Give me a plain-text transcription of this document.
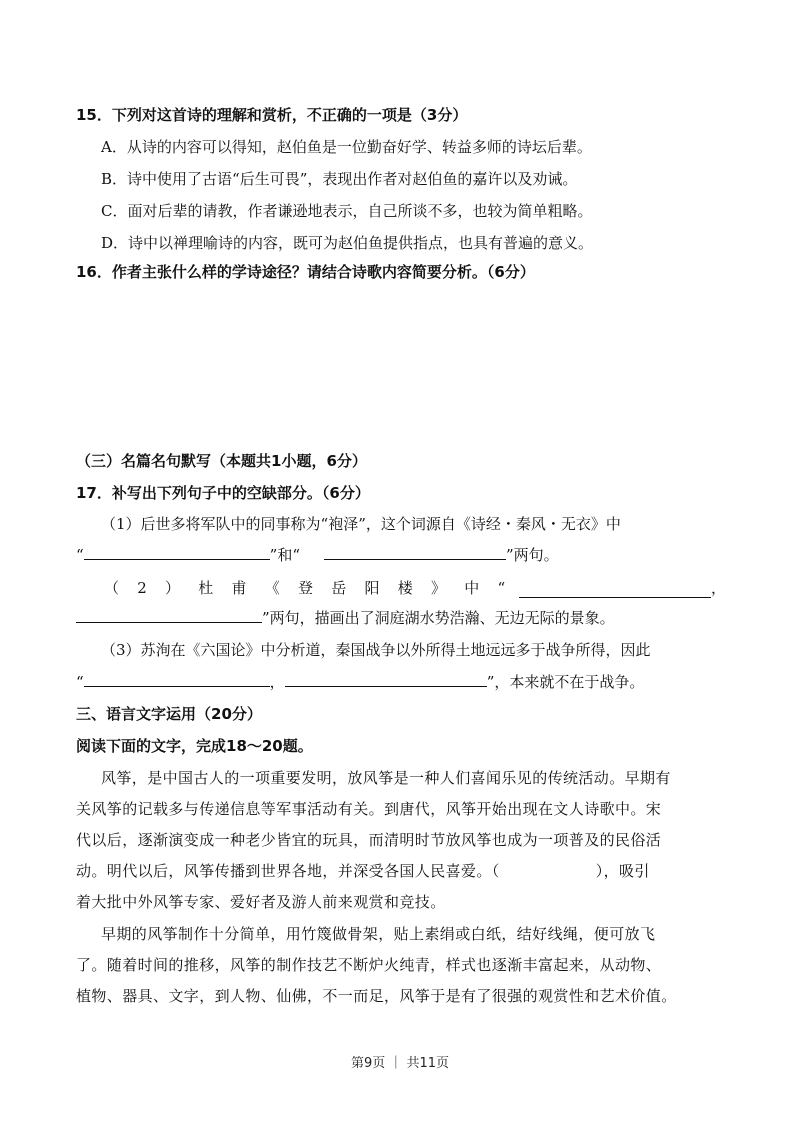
15．下列对这首诗的理解和赏析，不正确的一项是（3分）
A．从诗的内容可以得知，赵伯鱼是一位勤奋好学、转益多师的诗坛后辈。
B．诗中使用了古语“后生可畏”，表现出作者对赵伯鱼的嘉许以及劝诫。
C．面对后辈的请教，作者谦逊地表示，自己所谈不多，也较为简单粗略。
D．诗中以禅理喻诗的内容，既可为赵伯鱼提供指点，也具有普遍的意义。
16．作者主张什么样的学诗途径？请结合诗歌内容简要分析。（6分）
（三）名篇名句默写（本题共1小题，6分）
17．补写出下列句子中的空缺部分。（6分）
（1）后世多将军队中的同事称为“袍泽”，这个词源自《诗经・秦风・无衣》中
“	”和“	”两句。
（ 2 ） 杜 甫 《 登 岳 阳 楼 》 中 “	，
”两句，描画出了洞庭湖水势浩瀚、无边无际的景象。
（3）苏洵在《六国论》中分析道，秦国战争以外所得土地远远多于战争所得，因此
“	，	”，本来就不在于战争。
三、语言文字运用（20分）
阅读下面的文字，完成18～20题。
风筝，是中国古人的一项重要发明，放风筝是一种人们喜闻乐见的传统活动。早期有
关风筝的记载多与传递信息等军事活动有关。到唐代，风筝开始出现在文人诗歌中。宋
代以后，逐渐演变成一种老少皆宜的玩具，而清明时节放风筝也成为一项普及的民俗活
动。明代以后，风筝传播到世界各地，并深受各国人民喜爱。（	），吸引
着大批中外风筝专家、爱好者及游人前来观赏和竞技。
早期的风筝制作十分简单，用竹篾做骨架，贴上素绢或白纸，结好线绳，便可放飞
了。随着时间的推移，风筝的制作技艺不断炉火纯青，样式也逐渐丰富起来，从动物、
植物、器具、文字，到人物、仙佛，不一而足，风筝于是有了很强的观赏性和艺术价值。
第9页 ｜ 共11页
